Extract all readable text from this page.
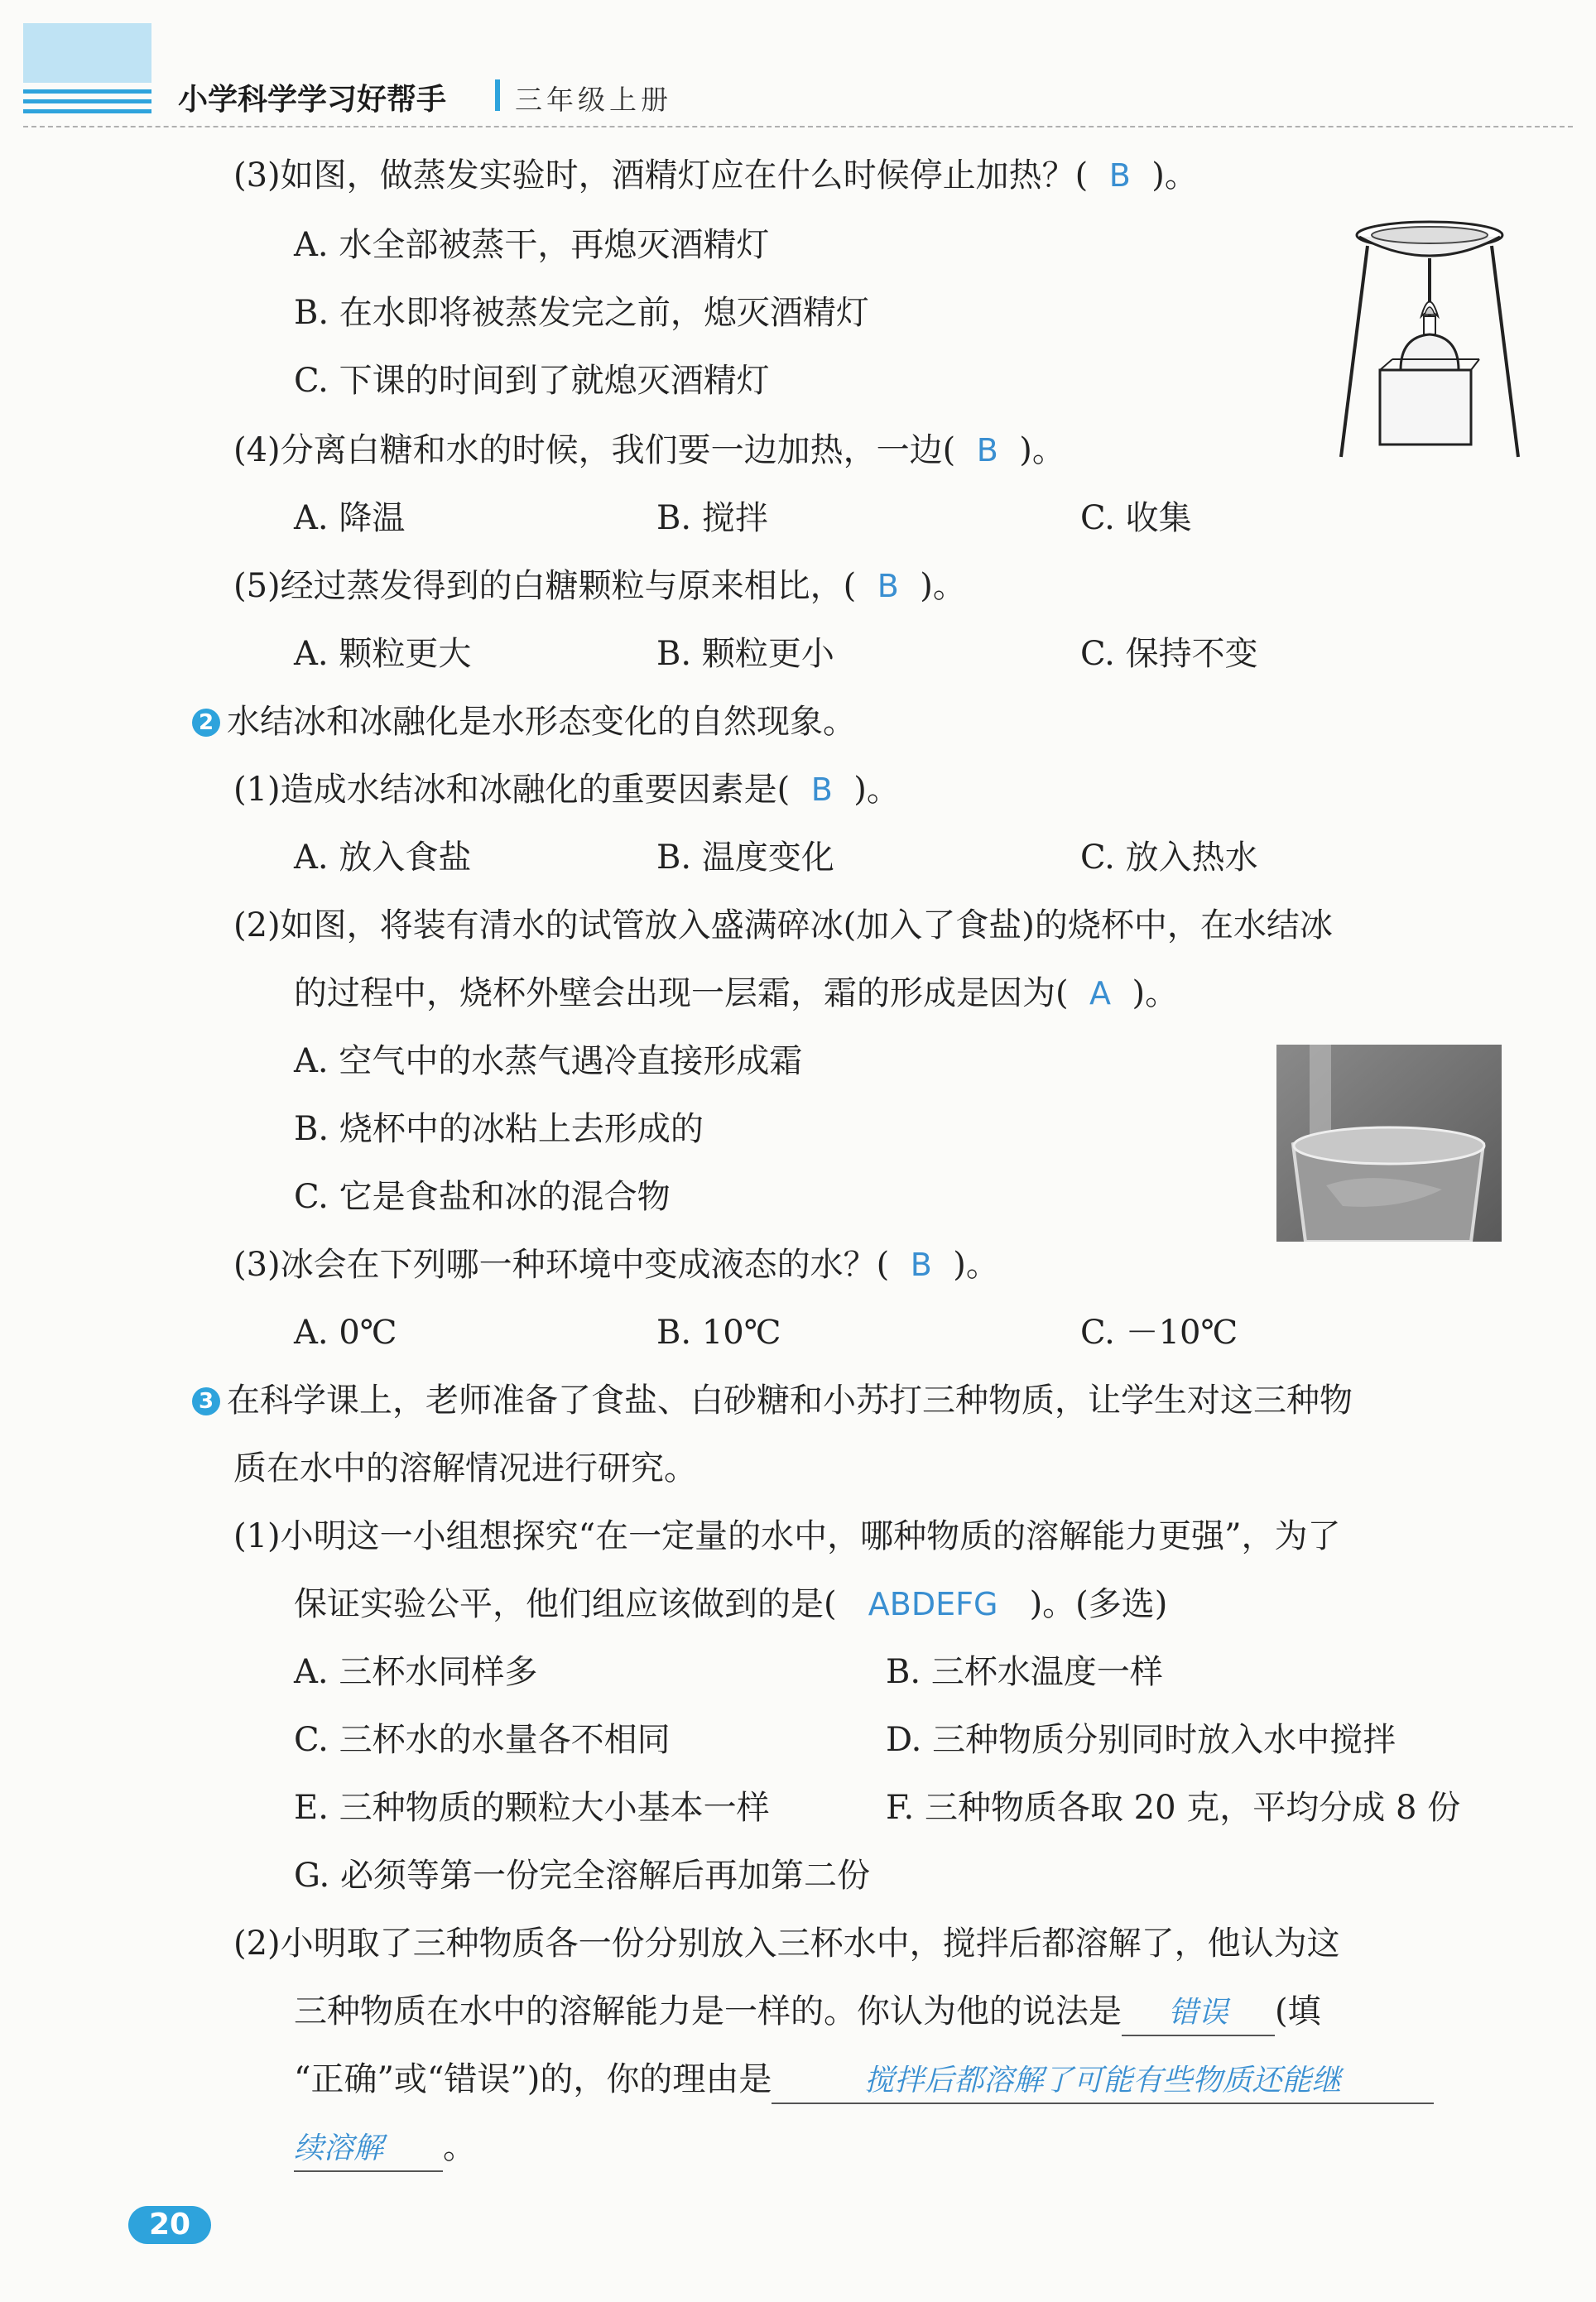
小学科学学习好帮手	三年级上册
(3)如图，做蒸发实验时，酒精灯应在什么时候停止加热？( B )。
A. 水全部被蒸干，再熄灭酒精灯
B. 在水即将被蒸发完之前，熄灭酒精灯
C. 下课的时间到了就熄灭酒精灯
(4)分离白糖和水的时候，我们要一边加热，一边( B )。
A. 降温	B. 搅拌	C. 收集
(5)经过蒸发得到的白糖颗粒与原来相比，( B )。
A. 颗粒更大	B. 颗粒更小	C. 保持不变
2 水结冰和冰融化是水形态变化的自然现象。
(1)造成水结冰和冰融化的重要因素是( B )。
A. 放入食盐	B. 温度变化	C. 放入热水
(2)如图，将装有清水的试管放入盛满碎冰(加入了食盐)的烧杯中，在水结冰
的过程中，烧杯外壁会出现一层霜，霜的形成是因为( A )。
A. 空气中的水蒸气遇冷直接形成霜
B. 烧杯中的冰粘上去形成的
C. 它是食盐和冰的混合物
(3)冰会在下列哪一种环境中变成液态的水？( B )。
A. 0℃	B. 10℃	C. －10℃
3 在科学课上，老师准备了食盐、白砂糖和小苏打三种物质，让学生对这三种物
质在水中的溶解情况进行研究。
(1)小明这一小组想探究“在一定量的水中，哪种物质的溶解能力更强”，为了
保证实验公平，他们组应该做到的是( ABDEFG )。(多选)
A. 三杯水同样多	B. 三杯水温度一样
C. 三杯水的水量各不相同	D. 三种物质分别同时放入水中搅拌
E. 三种物质的颗粒大小基本一样	F. 三种物质各取 20 克，平均分成 8 份
G. 必须等第一份完全溶解后再加第二份
(2)小明取了三种物质各一份分别放入三杯水中，搅拌后都溶解了，他认为这
三种物质在水中的溶解能力是一样的。你认为他的说法是 错误 (填
“正确”或“错误”)的，你的理由是	搅拌后都溶解了可能有些物质还能继
续溶解 。
20
